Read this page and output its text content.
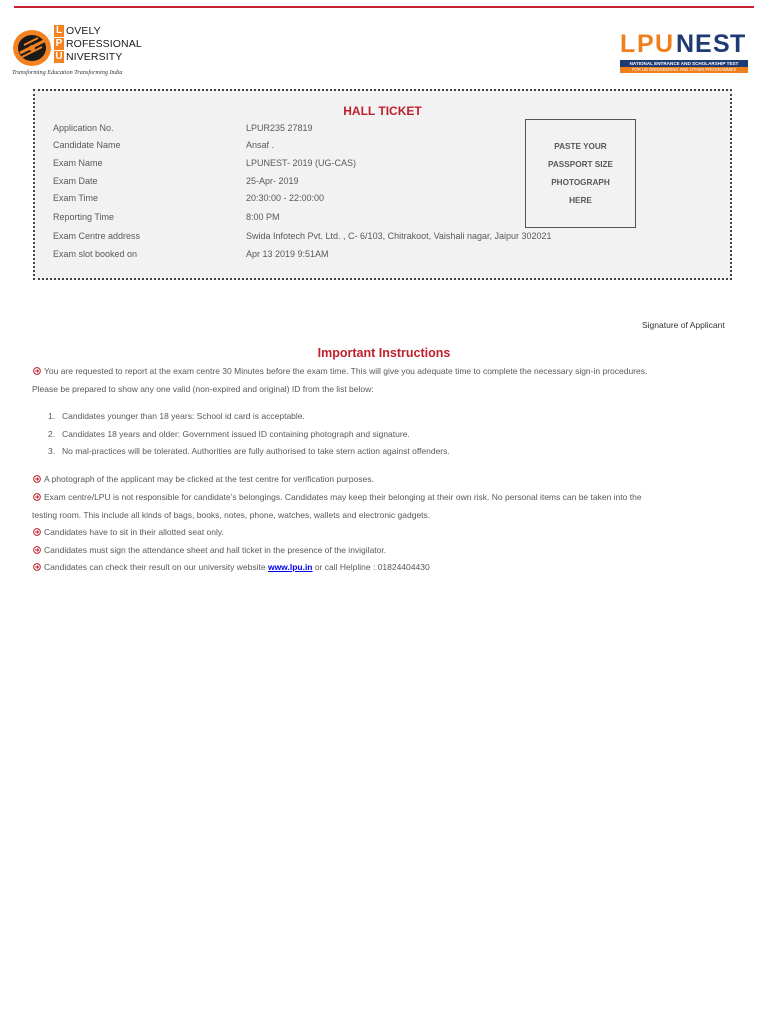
L OVELY
P ROFESSIONAL
U NIVERSITY
Transforming Education Transforming India
L P U N E S T
NATIONAL ENTRANCE AND SCHOLARSHIP TEST
FOR UG ENGINEERING AND OTHER PROGRAMMES
HALL TICKET
Application No.	LPUR235 27819
Candidate Name	Ansaf .
Exam Name	LPUNEST- 2019 (UG-CAS)
Exam Date	25-Apr- 2019
Exam Time	20:30:00 - 22:00:00
Reporting Time	8:00 PM
Exam Centre address	Swida Infotech Pvt. Ltd. , C- 6/103, Chitrakoot, Vaishali nagar, Jaipur 302021
Exam slot booked on	Apr 13 2019 9:51AM
PASTE YOUR
PASSPORT SIZE
PHOTOGRAPH
HERE
Signature of Applicant
Important Instructions
You are requested to report at the exam centre 30 Minutes before the exam time. This will give you adequate time to complete the necessary sign-in procedures.
Please be prepared to show any one valid (non-expired and original) ID from the list below:
1. Candidates younger than 18 years: School id card is acceptable.
2. Candidates 18 years and older: Government issued ID containing photograph and signature.
3. No mal-practices will be tolerated. Authorities are fully authorised to take stern action against offenders.
A photograph of the applicant may be clicked at the test centre for verification purposes.
Exam centre/LPU is not responsible for candidate’s belongings. Candidates may keep their belonging at their own risk. No personal items can be taken into the
testing room. This include all kinds of bags, books, notes, phone, watches, wallets and electronic gadgets.
Candidates have to sit in their allotted seat only.
Candidates must sign the attendance sheet and hall ticket in the presence of the invigilator.
Candidates can check their result on our university website www.lpu.in or call Helpline : 01824404430
